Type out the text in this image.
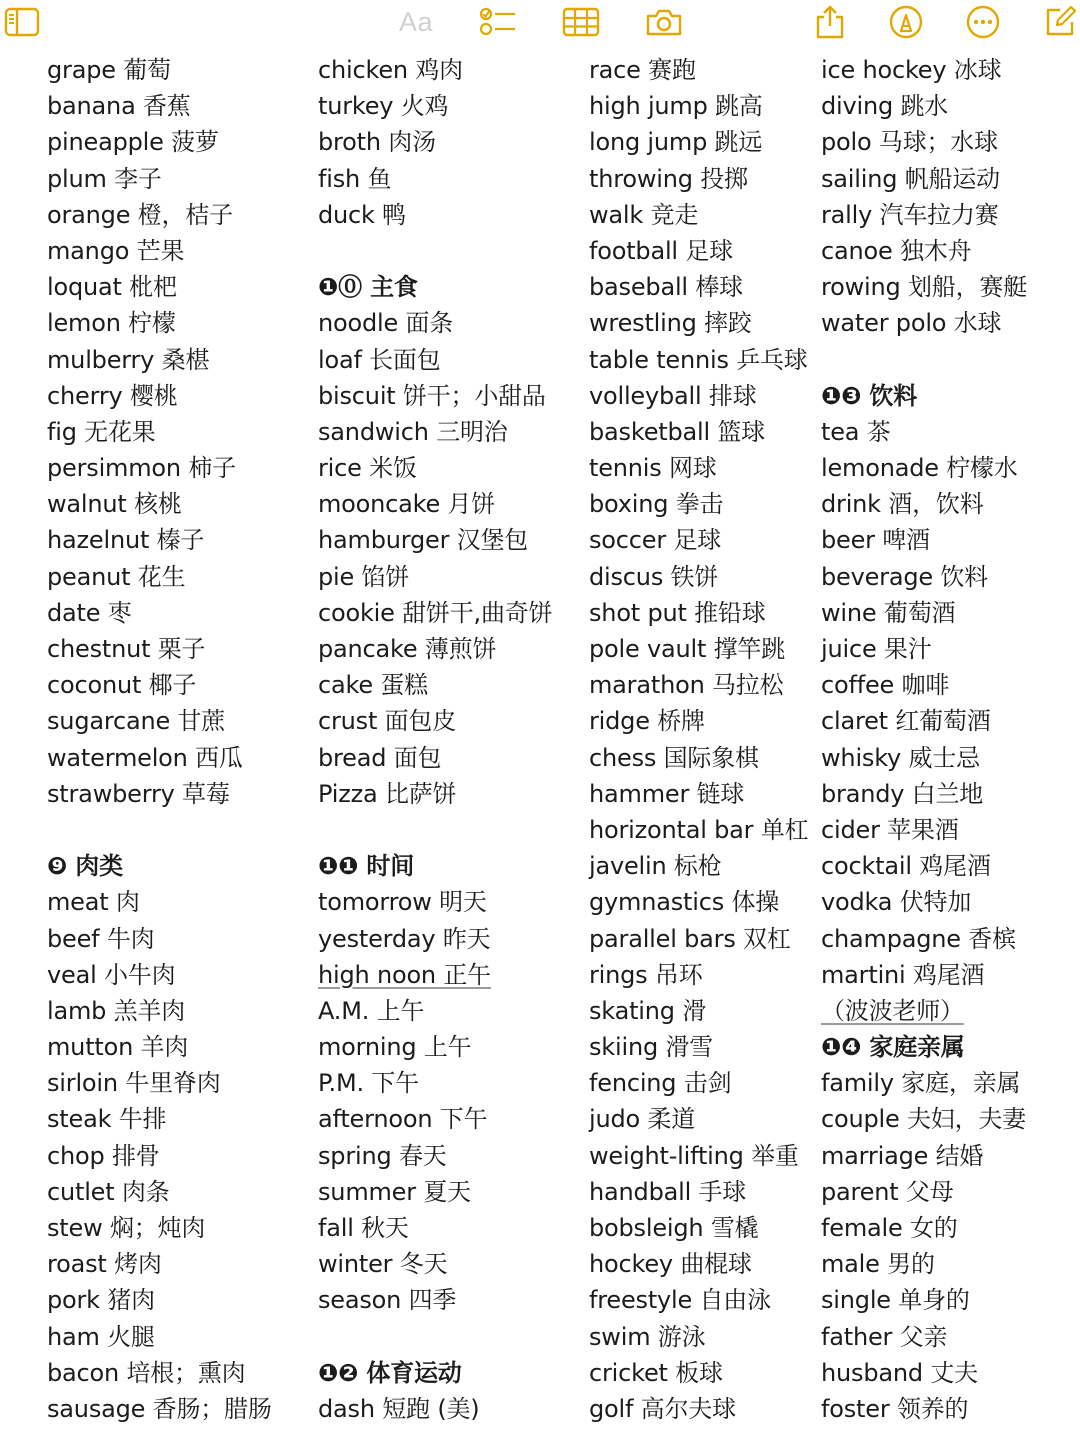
Aa
grape 葡萄
banana 香蕉
pineapple 菠萝
plum 李子
orange 橙，桔子
mango 芒果
loquat 枇杷
lemon 柠檬
mulberry 桑椹
cherry 樱桃
fig 无花果
persimmon 柿子
walnut 核桃
hazelnut 榛子
peanut 花生
date 枣
chestnut 栗子
coconut 椰子
sugarcane 甘蔗
watermelon 西瓜
strawberry 草莓
❾ 肉类
meat 肉
beef 牛肉
veal 小牛肉
lamb 羔羊肉
mutton 羊肉
sirloin 牛里脊肉
steak 牛排
chop 排骨
cutlet 肉条
stew 焖；炖肉
roast 烤肉
pork 猪肉
ham 火腿
bacon 培根；熏肉
sausage 香肠；腊肠
chicken 鸡肉
turkey 火鸡
broth 肉汤
fish 鱼
duck 鸭
❶⓪ 主食
noodle 面条
loaf 长面包
biscuit 饼干；小甜品
sandwich 三明治
rice 米饭
mooncake 月饼
hamburger 汉堡包
pie 馅饼
cookie 甜饼干,曲奇饼
pancake 薄煎饼
cake 蛋糕
crust 面包皮
bread 面包
Pizza 比萨饼
❶❶ 时间
tomorrow 明天
yesterday 昨天
high noon 正午
A.M. 上午
morning 上午
P.M. 下午
afternoon 下午
spring 春天
summer 夏天
fall 秋天
winter 冬天
season 四季
❶❷ 体育运动
dash 短跑 (美)
race 赛跑
high jump 跳高
long jump 跳远
throwing 投掷
walk 竞走
football 足球
baseball 棒球
wrestling 摔跤
table tennis 乒乓球
volleyball 排球
basketball 篮球
tennis 网球
boxing 拳击
soccer 足球
discus 铁饼
shot put 推铅球
pole vault 撑竿跳
marathon 马拉松
ridge 桥牌
chess 国际象棋
hammer 链球
horizontal bar 单杠
javelin 标枪
gymnastics 体操
parallel bars 双杠
rings 吊环
skating 滑
skiing 滑雪
fencing 击剑
judo 柔道
weight-lifting 举重
handball 手球
bobsleigh 雪橇
hockey 曲棍球
freestyle 自由泳
swim 游泳
cricket 板球
golf 高尔夫球
ice hockey 冰球
diving 跳水
polo 马球；水球
sailing 帆船运动
rally 汽车拉力赛
canoe 独木舟
rowing 划船，赛艇
water polo 水球
❶❸ 饮料
tea 茶
lemonade 柠檬水
drink 酒，饮料
beer 啤酒
beverage 饮料
wine 葡萄酒
juice 果汁
coffee 咖啡
claret 红葡萄酒
whisky 威士忌
brandy 白兰地
cider 苹果酒
cocktail 鸡尾酒
vodka 伏特加
champagne 香槟
martini 鸡尾酒
（波波老师）
❶❹ 家庭亲属
family 家庭，亲属
couple 夫妇，夫妻
marriage 结婚
parent 父母
female 女的
male 男的
single 单身的
father 父亲
husband 丈夫
foster 领养的
